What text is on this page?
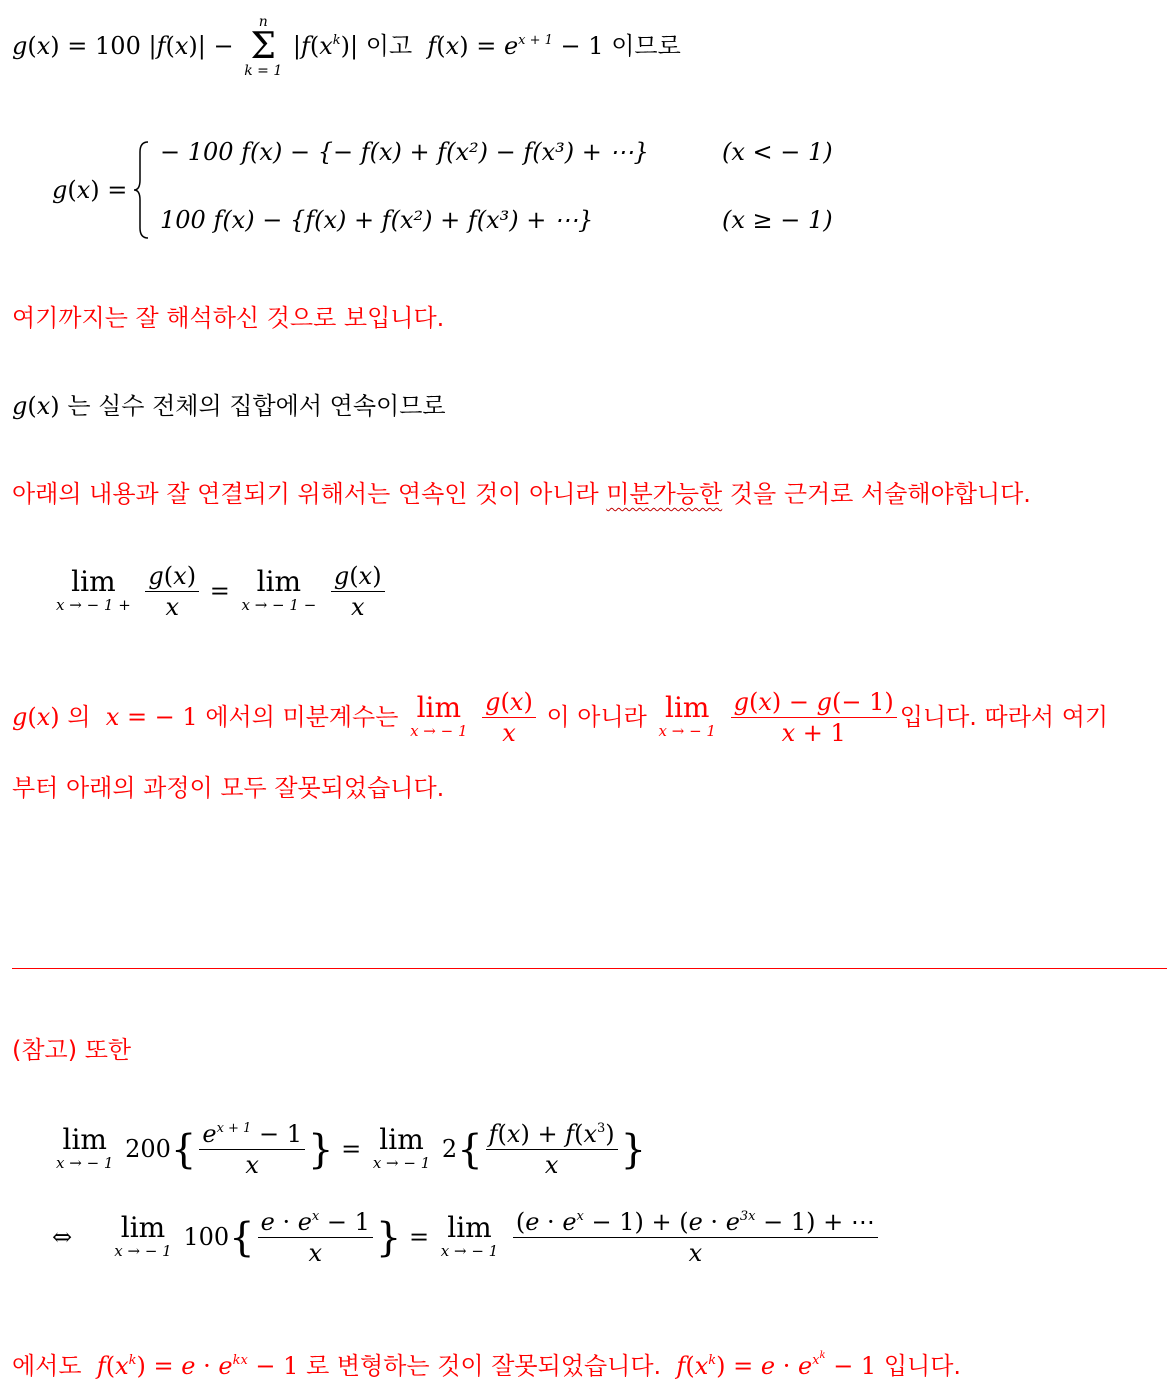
g(x) = 100 |f(x)| −
n
Σ
k = 1
$|f(x^k)|$ 이고 $f(x) = e^{x + 1} - 1$ 이므로
g(x) =
− 100 f(x) − {− f(x) + f(x²) − f(x³) + ⋯}	(x < − 1)
100 f(x) − {f(x) + f(x²) + f(x³) + ⋯}	(x ≥ − 1)
여기까지는 잘 해석하신 것으로 보입니다.
g(x) 는 실수 전체의 집합에서 연속이므로
아래의 내용과 잘 연결되기 위해서는 연속인 것이 아니라 미분가능한 것을 근거로 서술해야합니다.
lim
x → − 1 +
$\frac{g(x)}{x} = \lim$
x → − 1 −
$\frac{g(x)}{x}$
g(x) 의 x = − 1 에서의 미분계수는 lim
x → − 1
$\frac{g(x)}{x}$ 이 아니라 lim
x → − 1
$\frac{g(x) - g(- 1)}{x + 1}$ 입니다. 따라서 여기
부터 아래의 과정이 모두 잘못되었습니다.
(참고) 또한
lim
x → − 1
$200\{ \frac{e^{x + 1} - 1}{x}$ } = lim
x → − 1
$2\{ \frac{f(x) + f(x^3)}{x}$ }
⇔ lim
x → − 1
$100\{ \frac{e \cdot e^x - 1}{x}$ } = lim
x → − 1
$\frac{(e \cdot e^x - 1) + (e \cdot e^{3x} - 1) + \cdots}{x}$
에서도 $f(x^k) = e \cdot e^{kx} - 1$ 로 변형하는 것이 잘못되었습니다. $f(x^k) = e \cdot e^{x^k} - 1$ 입니다.
